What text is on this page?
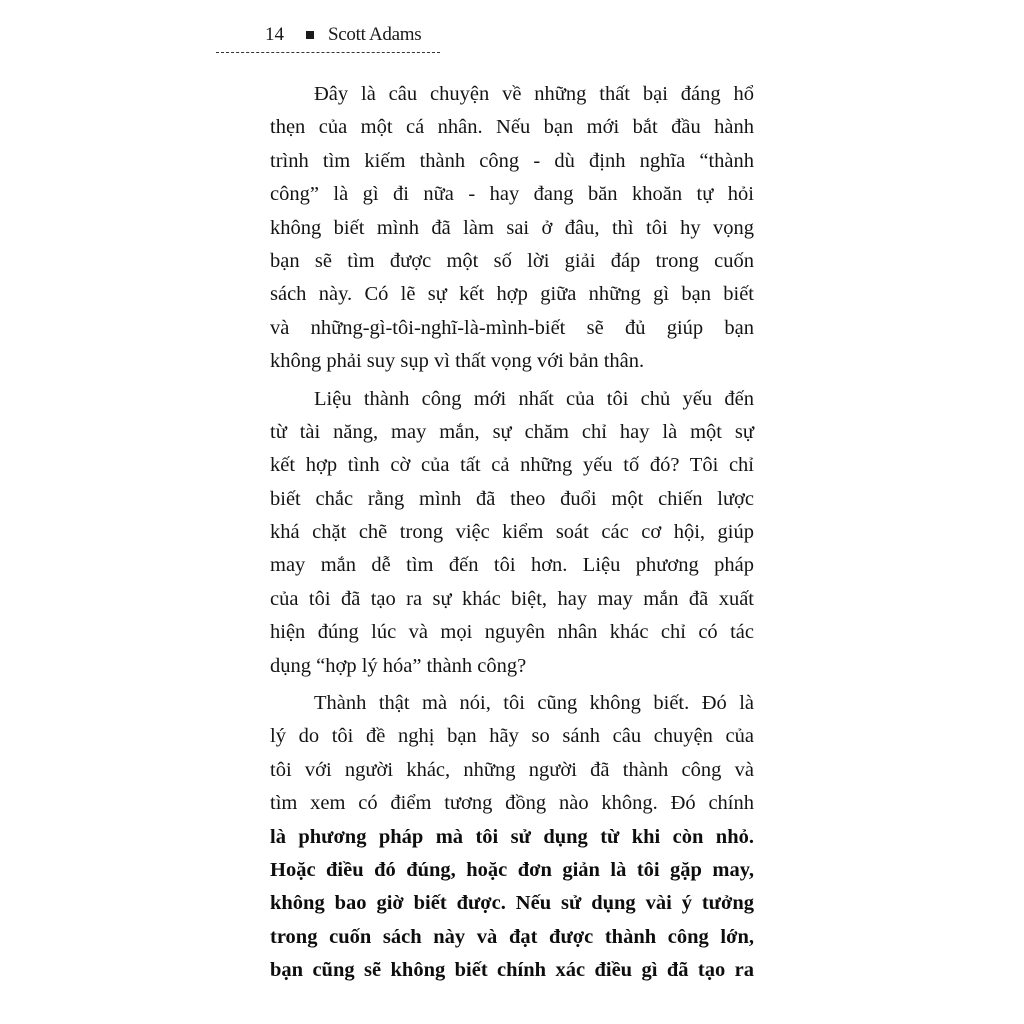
14 Scott Adams
Đây là câu chuyện về những thất bại đáng hổ
thẹn của một cá nhân. Nếu bạn mới bắt đầu hành
trình tìm kiếm thành công - dù định nghĩa “thành
công” là gì đi nữa - hay đang băn khoăn tự hỏi
không biết mình đã làm sai ở đâu, thì tôi hy vọng
bạn sẽ tìm được một số lời giải đáp trong cuốn
sách này. Có lẽ sự kết hợp giữa những gì bạn biết
và những-gì-tôi-nghĩ-là-mình-biết sẽ đủ giúp bạn
không phải suy sụp vì thất vọng với bản thân.
Liệu thành công mới nhất của tôi chủ yếu đến
từ tài năng, may mắn, sự chăm chỉ hay là một sự
kết hợp tình cờ của tất cả những yếu tố đó? Tôi chỉ
biết chắc rằng mình đã theo đuổi một chiến lược
khá chặt chẽ trong việc kiểm soát các cơ hội, giúp
may mắn dễ tìm đến tôi hơn. Liệu phương pháp
của tôi đã tạo ra sự khác biệt, hay may mắn đã xuất
hiện đúng lúc và mọi nguyên nhân khác chỉ có tác
dụng “hợp lý hóa” thành công?
Thành thật mà nói, tôi cũng không biết. Đó là
lý do tôi đề nghị bạn hãy so sánh câu chuyện của
tôi với người khác, những người đã thành công và
tìm xem có điểm tương đồng nào không. Đó chính
là phương pháp mà tôi sử dụng từ khi còn nhỏ.
Hoặc điều đó đúng, hoặc đơn giản là tôi gặp may,
không bao giờ biết được. Nếu sử dụng vài ý tưởng
trong cuốn sách này và đạt được thành công lớn,
bạn cũng sẽ không biết chính xác điều gì đã tạo ra
